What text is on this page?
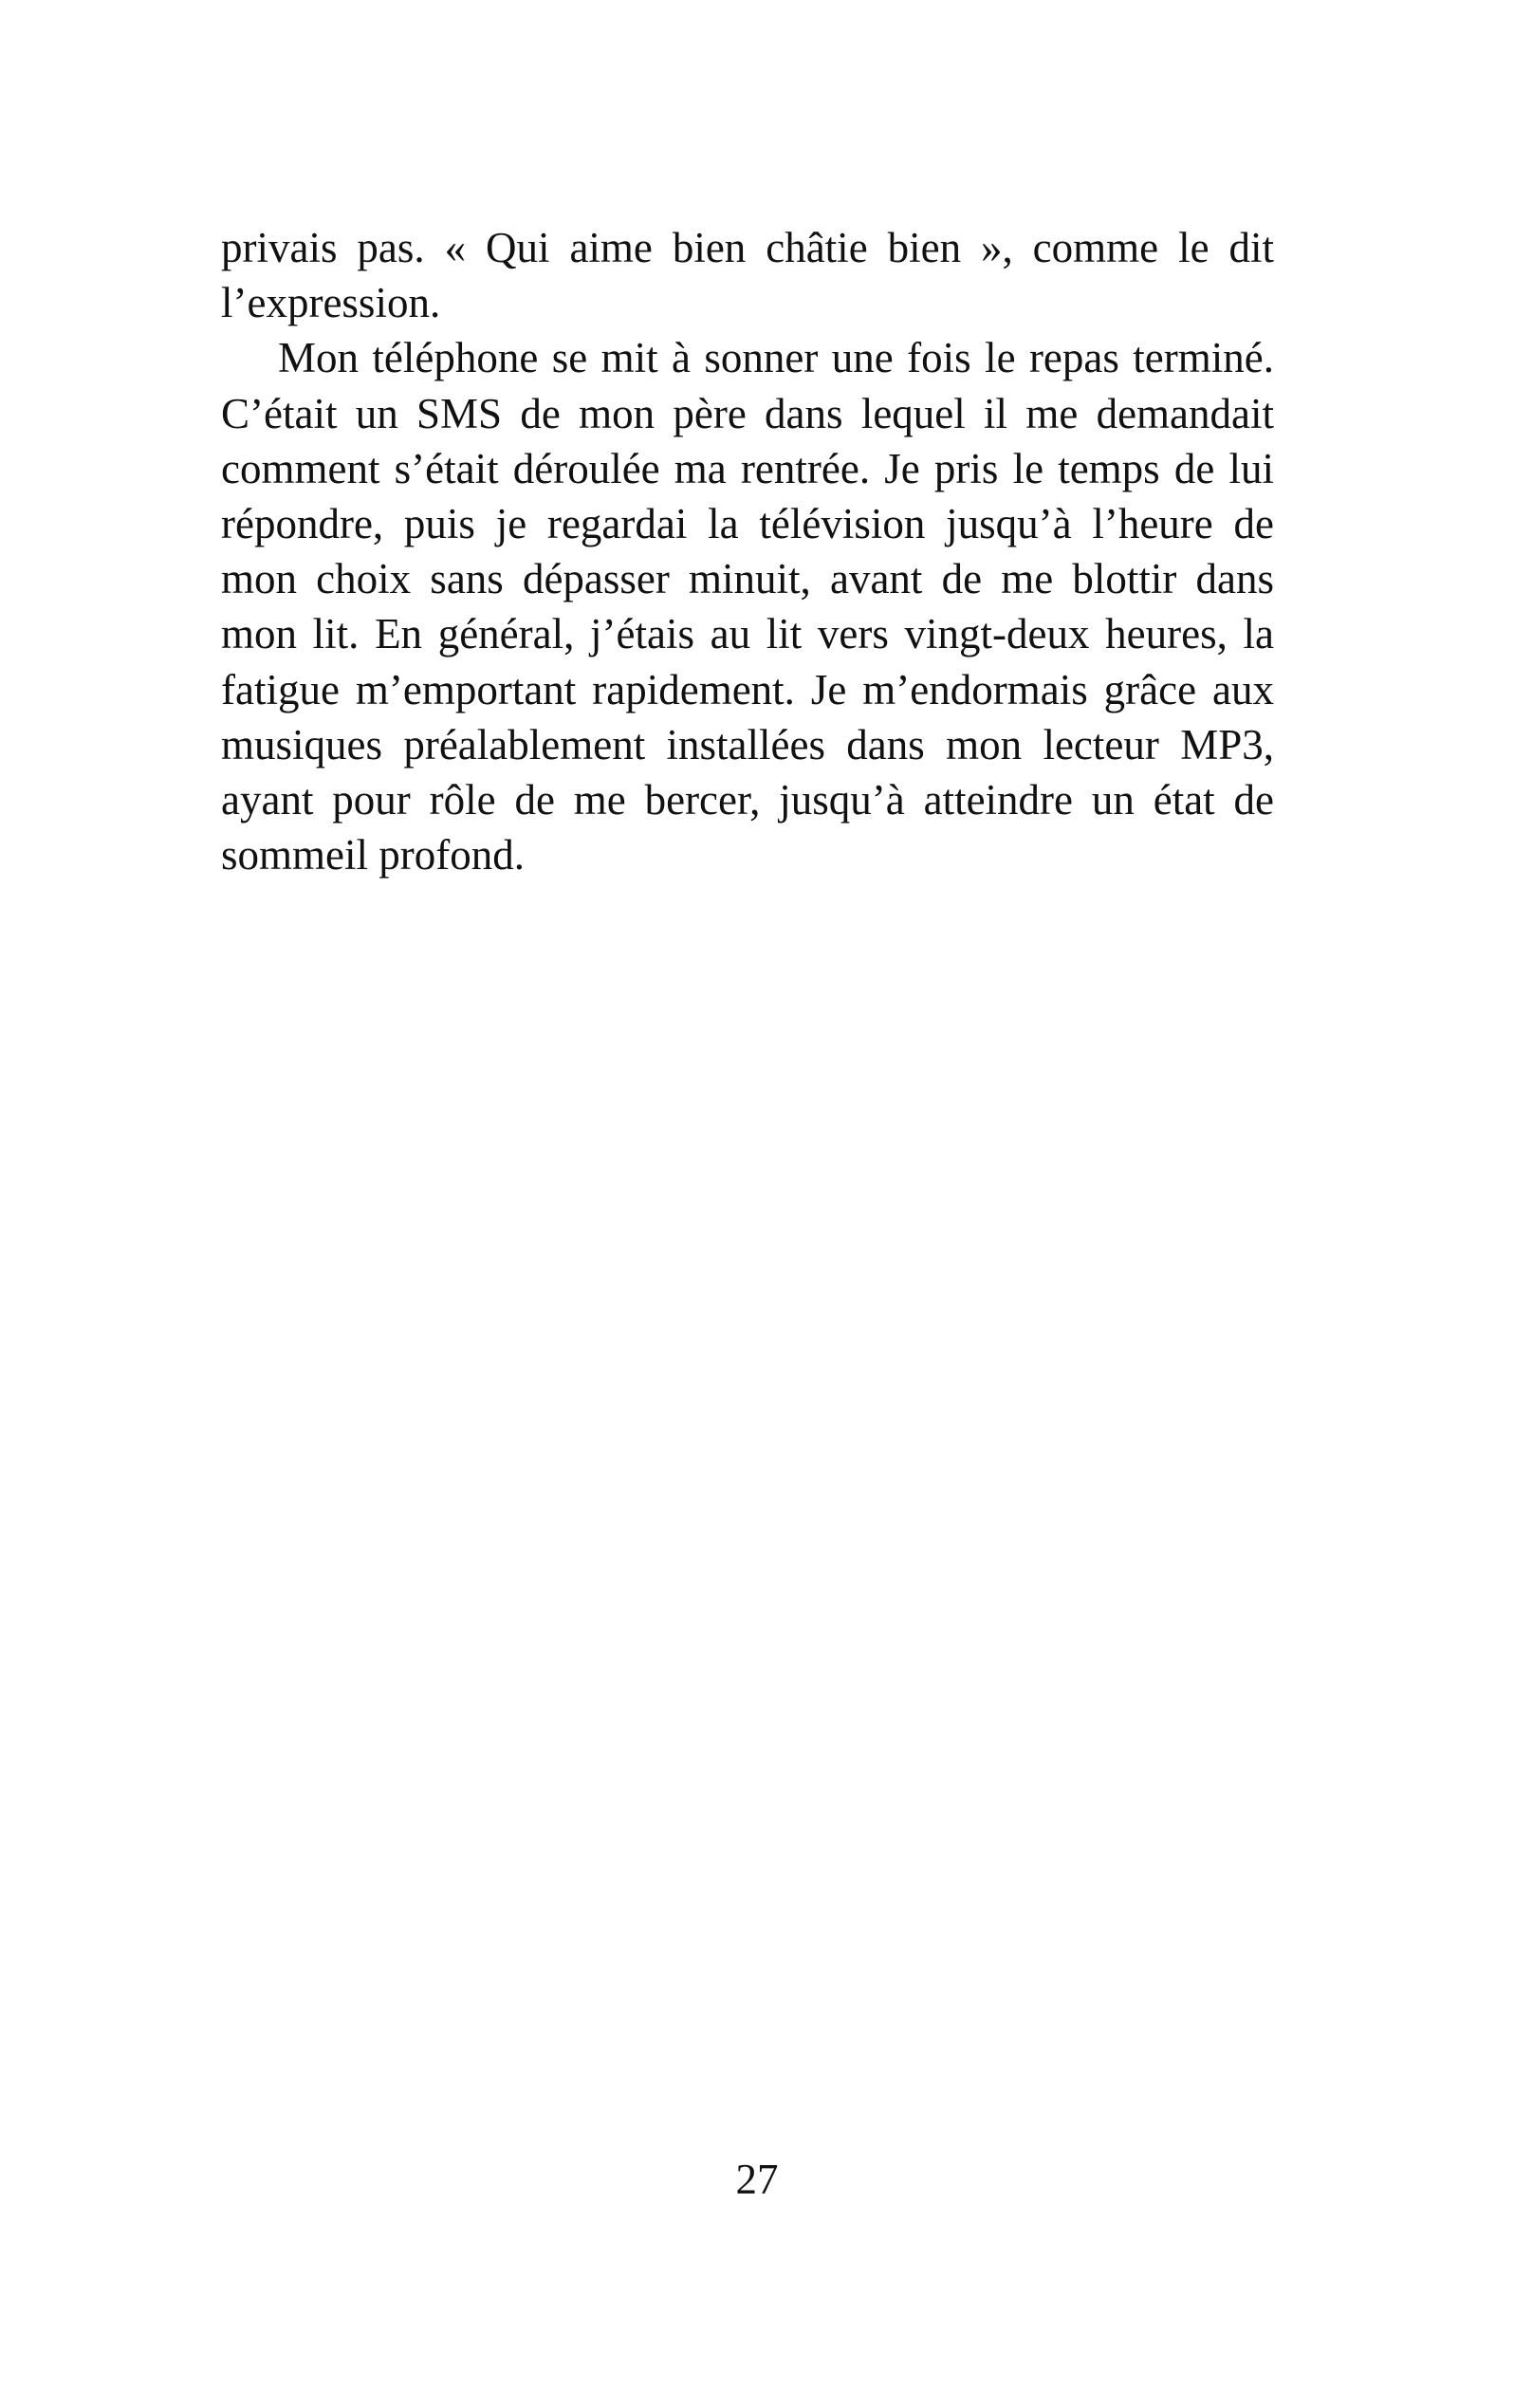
privais pas. « Qui aime bien châtie bien », comme le dit l’expression.

Mon téléphone se mit à sonner une fois le repas terminé. C’était un SMS de mon père dans lequel il me demandait comment s’était déroulée ma rentrée. Je pris le temps de lui répondre, puis je regardai la télévision jusqu’à l’heure de mon choix sans dépasser minuit, avant de me blottir dans mon lit. En général, j’étais au lit vers vingt-deux heures, la fatigue m’emportant rapidement. Je m’endormais grâce aux musiques préalablement installées dans mon lecteur MP3, ayant pour rôle de me bercer, jusqu’à atteindre un état de sommeil profond.

27
